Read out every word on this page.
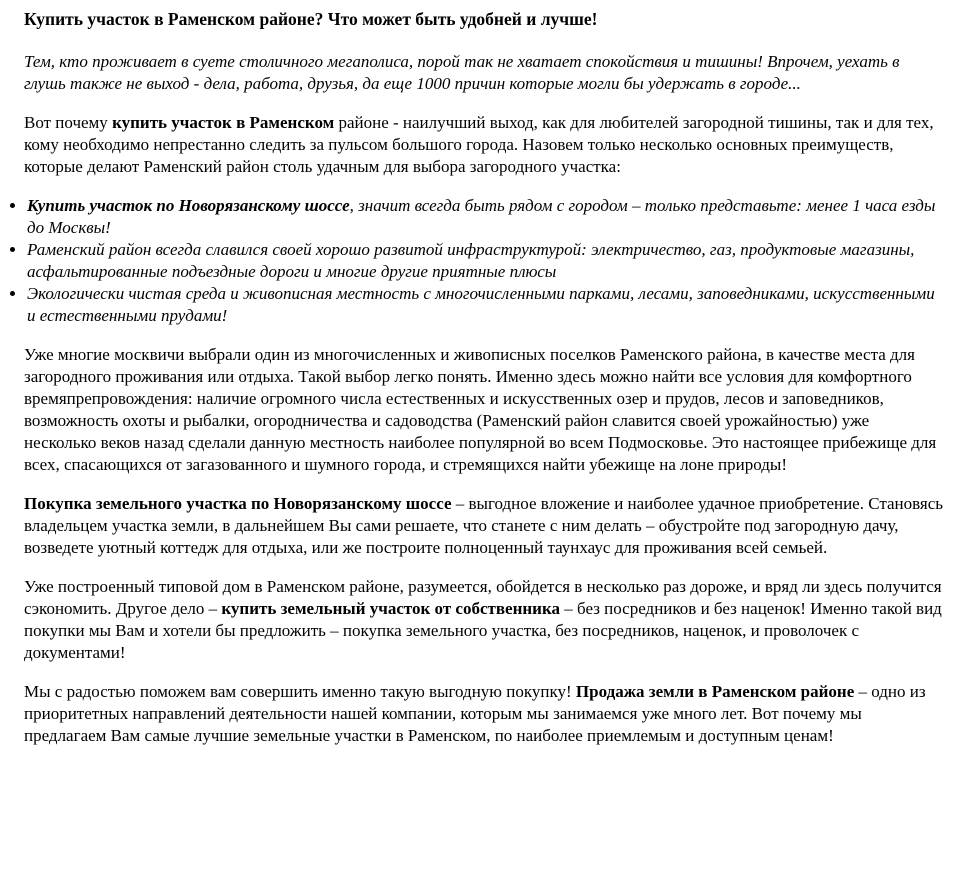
Купить участок в Раменском районе? Что может быть удобней и лучше!

Тем, кто проживает в суете столичного мегаполиса, порой так не хватает спокойствия и тишины! Впрочем, уехать в глушь также не выход - дела, работа, друзья, да еще 1000 причин которые могли бы удержать в городе...

Вот почему купить участок в Раменском районе - наилучший выход, как для любителей загородной тишины, так и для тех, кому необходимо непрестанно следить за пульсом большого города. Назовем только несколько основных преимуществ, которые делают Раменский район столь удачным для выбора загородного участка:

• Купить участок по Новорязанскому шоссе, значит всегда быть рядом с городом – только представьте: менее 1 часа езды до Москвы!
• Раменский район всегда славился своей хорошо развитой инфраструктурой: электричество, газ, продуктовые магазины, асфальтированные подъездные дороги и многие другие приятные плюсы
• Экологически чистая среда и живописная местность с многочисленными парками, лесами, заповедниками, искусственными и естественными прудами!

Уже многие москвичи выбрали один из многочисленных и живописных поселков Раменского района, в качестве места для загородного проживания или отдыха. Такой выбор легко понять. Именно здесь можно найти все условия для комфортного времяпрепровождения: наличие огромного числа естественных и искусственных озер и прудов, лесов и заповедников, возможность охоты и рыбалки, огородничества и садоводства (Раменский район славится своей урожайностью) уже несколько веков назад сделали данную местность наиболее популярной во всем Подмосковье. Это настоящее прибежище для всех, спасающихся от загазованного и шумного города, и стремящихся найти убежище на лоне природы!

Покупка земельного участка по Новорязанскому шоссе – выгодное вложение и наиболее удачное приобретение. Становясь владельцем участка земли, в дальнейшем Вы сами решаете, что станете с ним делать – обустройте под загородную дачу, возведете уютный коттедж для отдыха, или же построите полноценный таунхаус для проживания всей семьей.

Уже построенный типовой дом в Раменском районе, разумеется, обойдется в несколько раз дороже, и вряд ли здесь получится сэкономить. Другое дело – купить земельный участок от собственника – без посредников и без наценок! Именно такой вид покупки мы Вам и хотели бы предложить – покупка земельного участка, без посредников, наценок, и проволочек с документами!

Мы с радостью поможем вам совершить именно такую выгодную покупку! Продажа земли в Раменском районе – одно из приоритетных направлений деятельности нашей компании, которым мы занимаемся уже много лет. Вот почему мы предлагаем Вам самые лучшие земельные участки в Раменском, по наиболее приемлемым и доступным ценам!
